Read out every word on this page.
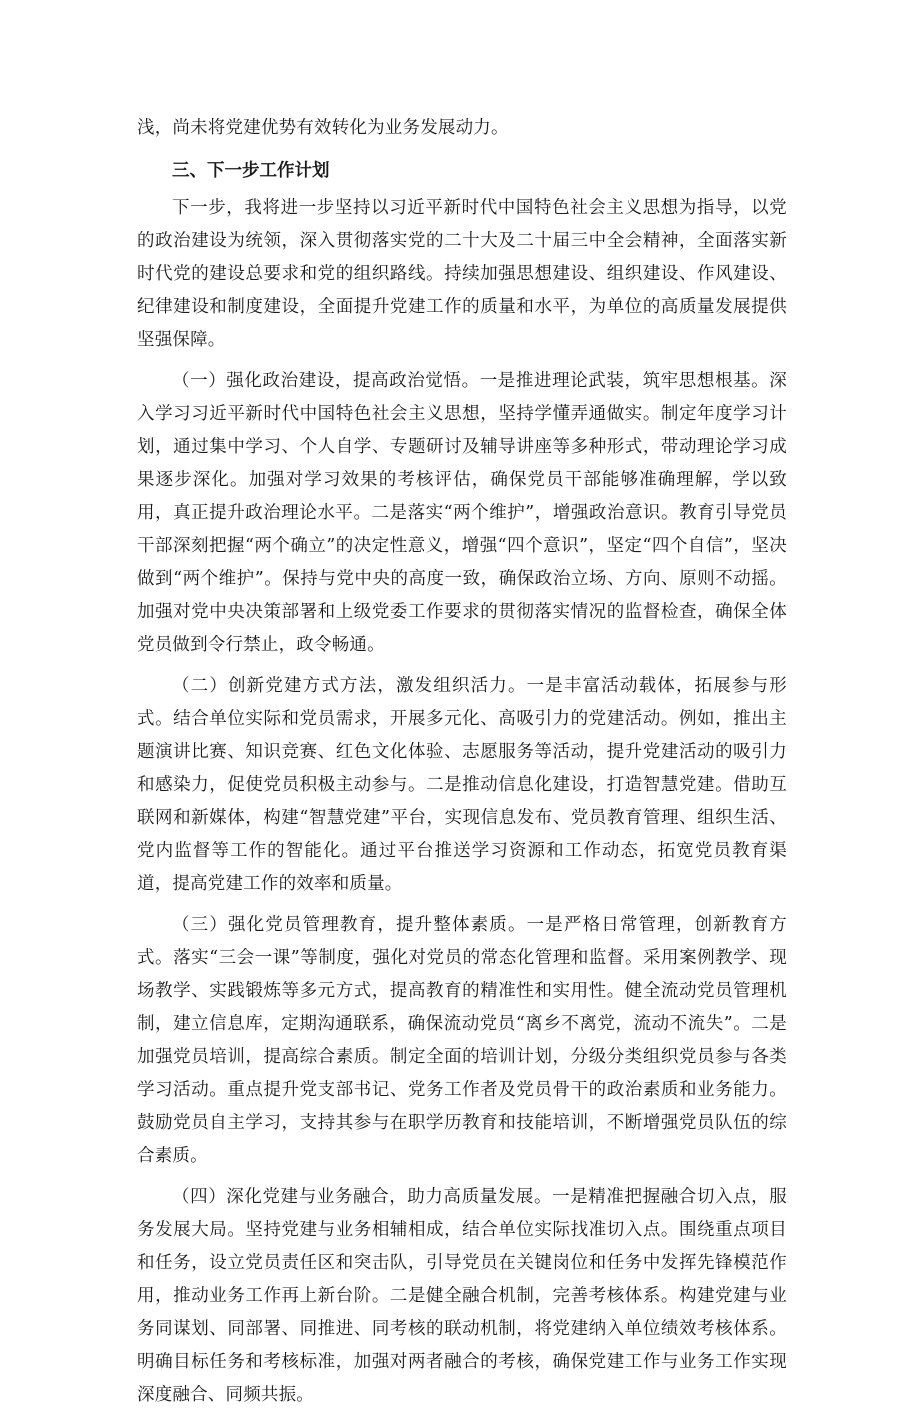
浅，尚未将党建优势有效转化为业务发展动力。

三、下一步工作计划

下一步，我将进一步坚持以习近平新时代中国特色社会主义思想为指导，以党的政治建设为统领，深入贯彻落实党的二十大及二十届三中全会精神，全面落实新时代党的建设总要求和党的组织路线。持续加强思想建设、组织建设、作风建设、纪律建设和制度建设，全面提升党建工作的质量和水平，为单位的高质量发展提供坚强保障。

（一）强化政治建设，提高政治觉悟。一是推进理论武装，筑牢思想根基。深入学习习近平新时代中国特色社会主义思想，坚持学懂弄通做实。制定年度学习计划，通过集中学习、个人自学、专题研讨及辅导讲座等多种形式，带动理论学习成果逐步深化。加强对学习效果的考核评估，确保党员干部能够准确理解，学以致用，真正提升政治理论水平。二是落实“两个维护”，增强政治意识。教育引导党员干部深刻把握“两个确立”的决定性意义，增强“四个意识”，坚定“四个自信”，坚决做到“两个维护”。保持与党中央的高度一致，确保政治立场、方向、原则不动摇。加强对党中央决策部署和上级党委工作要求的贯彻落实情况的监督检查，确保全体党员做到令行禁止，政令畅通。

（二）创新党建方式方法，激发组织活力。一是丰富活动载体，拓展参与形式。结合单位实际和党员需求，开展多元化、高吸引力的党建活动。例如，推出主题演讲比赛、知识竞赛、红色文化体验、志愿服务等活动，提升党建活动的吸引力和感染力，促使党员积极主动参与。二是推动信息化建设，打造智慧党建。借助互联网和新媒体，构建“智慧党建”平台，实现信息发布、党员教育管理、组织生活、党内监督等工作的智能化。通过平台推送学习资源和工作动态，拓宽党员教育渠道，提高党建工作的效率和质量。

（三）强化党员管理教育，提升整体素质。一是严格日常管理，创新教育方式。落实“三会一课”等制度，强化对党员的常态化管理和监督。采用案例教学、现场教学、实践锻炼等多元方式，提高教育的精准性和实用性。健全流动党员管理机制，建立信息库，定期沟通联系，确保流动党员“离乡不离党，流动不流失”。二是加强党员培训，提高综合素质。制定全面的培训计划，分级分类组织党员参与各类学习活动。重点提升党支部书记、党务工作者及党员骨干的政治素质和业务能力。鼓励党员自主学习，支持其参与在职学历教育和技能培训，不断增强党员队伍的综合素质。

（四）深化党建与业务融合，助力高质量发展。一是精准把握融合切入点，服务发展大局。坚持党建与业务相辅相成，结合单位实际找准切入点。围绕重点项目和任务，设立党员责任区和突击队，引导党员在关键岗位和任务中发挥先锋模范作用，推动业务工作再上新台阶。二是健全融合机制，完善考核体系。构建党建与业务同谋划、同部署、同推进、同考核的联动机制，将党建纳入单位绩效考核体系。明确目标任务和考核标准，加强对两者融合的考核，确保党建工作与业务工作实现深度融合、同频共振。
